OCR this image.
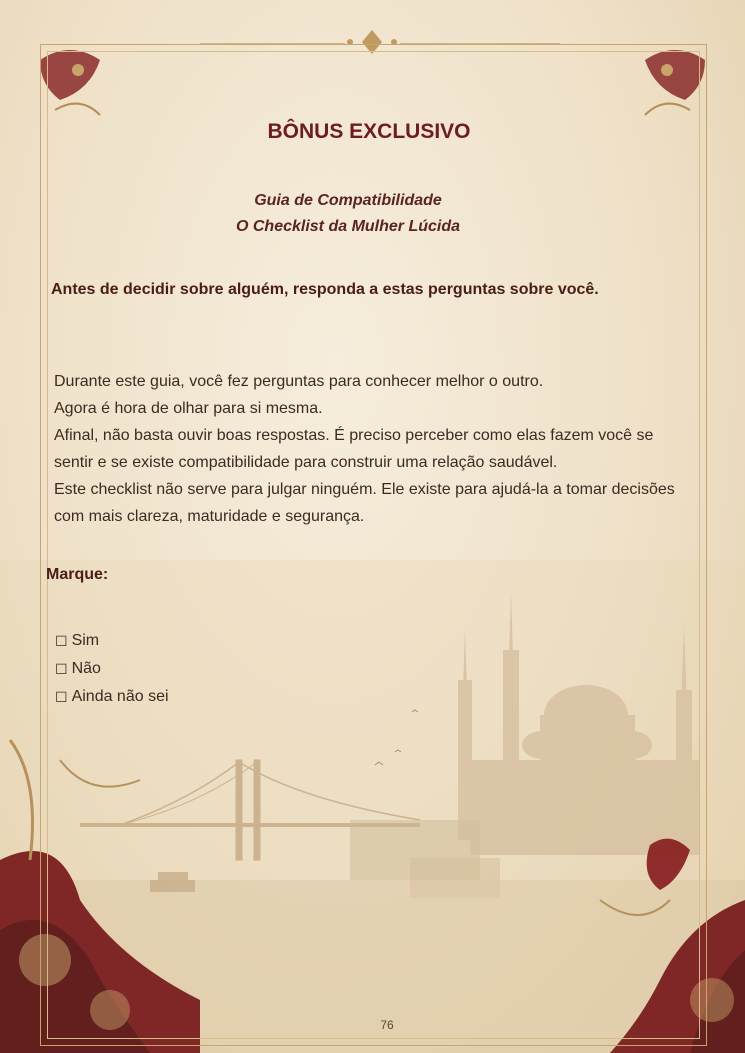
BÔNUS EXCLUSIVO
Guia de Compatibilidade
O Checklist da Mulher Lúcida
Antes de decidir sobre alguém, responda a estas perguntas sobre você.

Durante este guia, você fez perguntas para conhecer melhor o outro.

Agora é hora de olhar para si mesma.

Afinal, não basta ouvir boas respostas. É preciso perceber como elas fazem você se sentir e se existe compatibilidade para construir uma relação saudável.

Este checklist não serve para julgar ninguém. Ele existe para ajudá-la a tomar decisões com mais clareza, maturidade e segurança.

Marque:
☐ Sim
☐ Não
☐ Ainda não sei
76
